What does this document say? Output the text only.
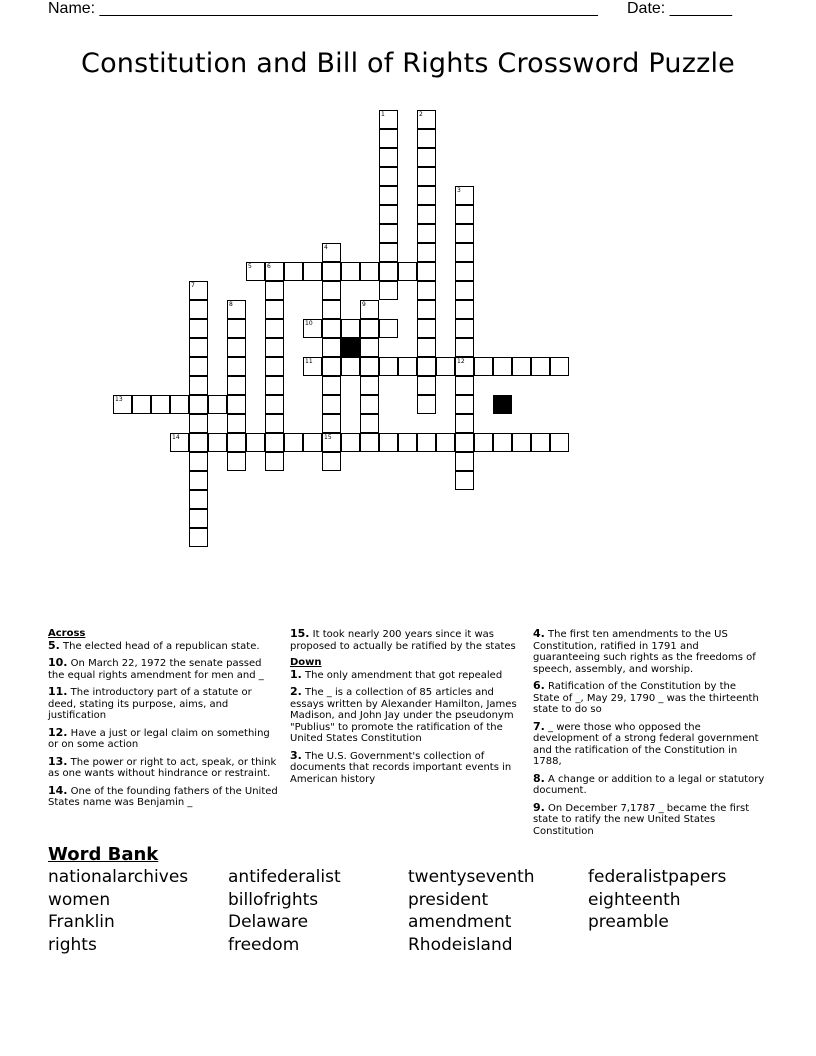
Name: ________________________________________________________ Date: _______
Constitution and Bill of Rights Crossword Puzzle
1	2
3
4
5	6
7
8	9
10
11	12
13
14	15

Across

5. The elected head of a republican state.

10. On March 22, 1972 the senate passed the equal rights amendment for men and _

11. The introductory part of a statute or deed, stating its purpose, aims, and justification

12. Have a just or legal claim on something or on some action

13. The power or right to act, speak, or think as one wants without hindrance or restraint.

14. One of the founding fathers of the United States name was Benjamin _

15. It took nearly 200 years since it was proposed to actually be ratified by the states

Down

1. The only amendment that got repealed

2. The _ is a collection of 85 articles and essays written by Alexander Hamilton, James Madison, and John Jay under the pseudonym "Publius" to promote the ratification of the United States Constitution

3. The U.S. Government's collection of documents that records important events in American history

4. The first ten amendments to the US Constitution, ratified in 1791 and guaranteeing such rights as the freedoms of speech, assembly, and worship.

6. Ratification of the Constitution by the State of _, May 29, 1790 _ was the thirteenth state to do so

7. _ were those who opposed the development of a strong federal government and the ratification of the Constitution in 1788,

8. A change or addition to a legal or statutory document.

9. On December 7,1787 _ became the first state to ratify the new United States Constitution

Word Bank
nationalarchives
women
Franklin
rights
antifederalist
billofrights
Delaware
freedom
twentyseventh
president
amendment
Rhodeisland
federalistpapers
eighteenth
preamble
